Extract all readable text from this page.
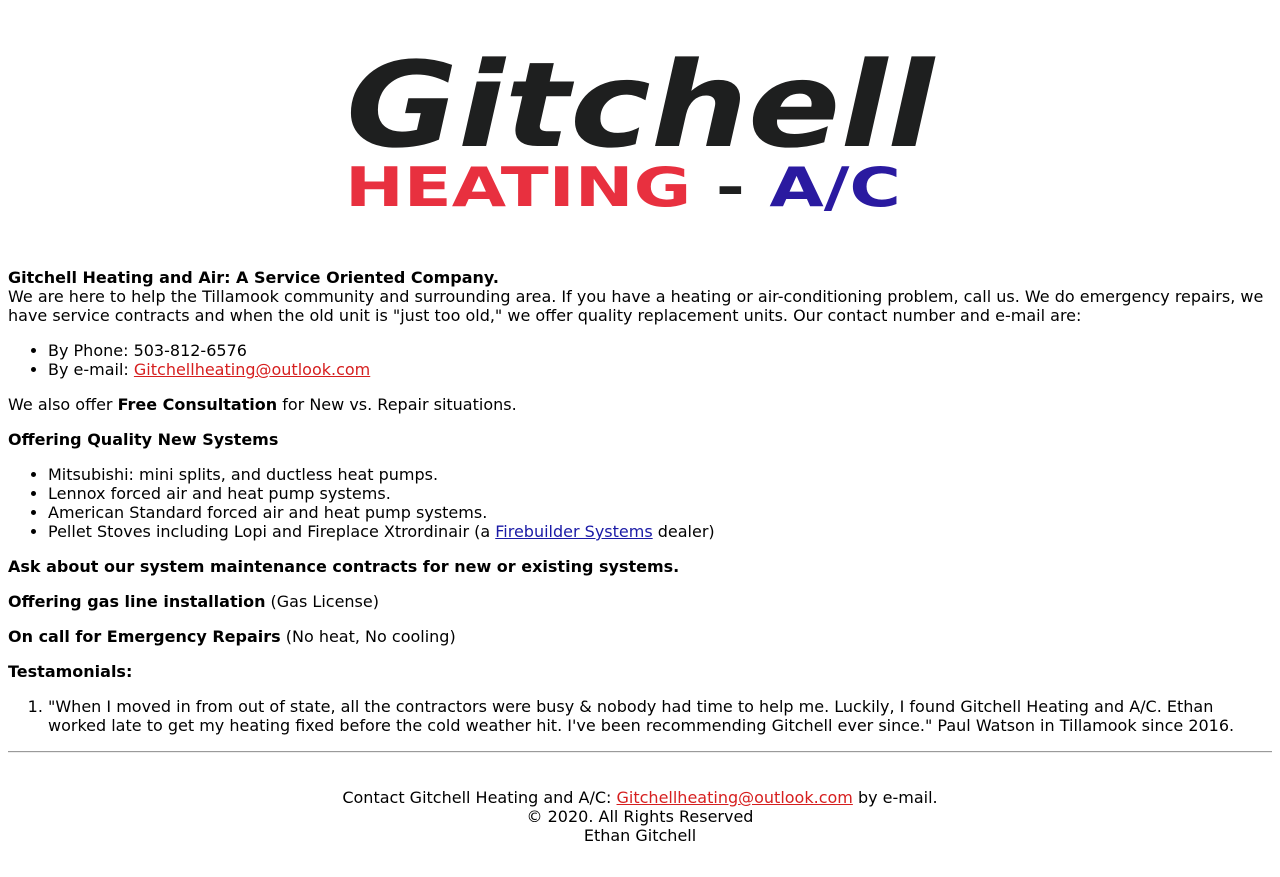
Gitchell
HEATING - A/C

Gitchell Heating and Air: A Service Oriented Company.
We are here to help the Tillamook community and surrounding area. If you have a heating or air-conditioning problem, call us. We do emergency repairs, we have service contracts and when the old unit is "just too old," we offer quality replacement units. Our contact number and e-mail are:

• By Phone: 503-812-6576
• By e-mail: Gitchellheating@outlook.com

We also offer Free Consultation for New vs. Repair situations.

Offering Quality New Systems

• Mitsubishi: mini splits, and ductless heat pumps.
• Lennox forced air and heat pump systems.
• American Standard forced air and heat pump systems.
• Pellet Stoves including Lopi and Fireplace Xtrordinair (a Firebuilder Systems dealer)

Ask about our system maintenance contracts for new or existing systems.

Offering gas line installation (Gas License)

On call for Emergency Repairs (No heat, No cooling)

Testamonials:

1. "When I moved in from out of state, all the contractors were busy & nobody had time to help me. Luckily, I found Gitchell Heating and A/C. Ethan worked late to get my heating fixed before the cold weather hit. I've been recommending Gitchell ever since." Paul Watson in Tillamook since 2016.
Contact Gitchell Heating and A/C: Gitchellheating@outlook.com by e-mail.
© 2020. All Rights Reserved
Ethan Gitchell
